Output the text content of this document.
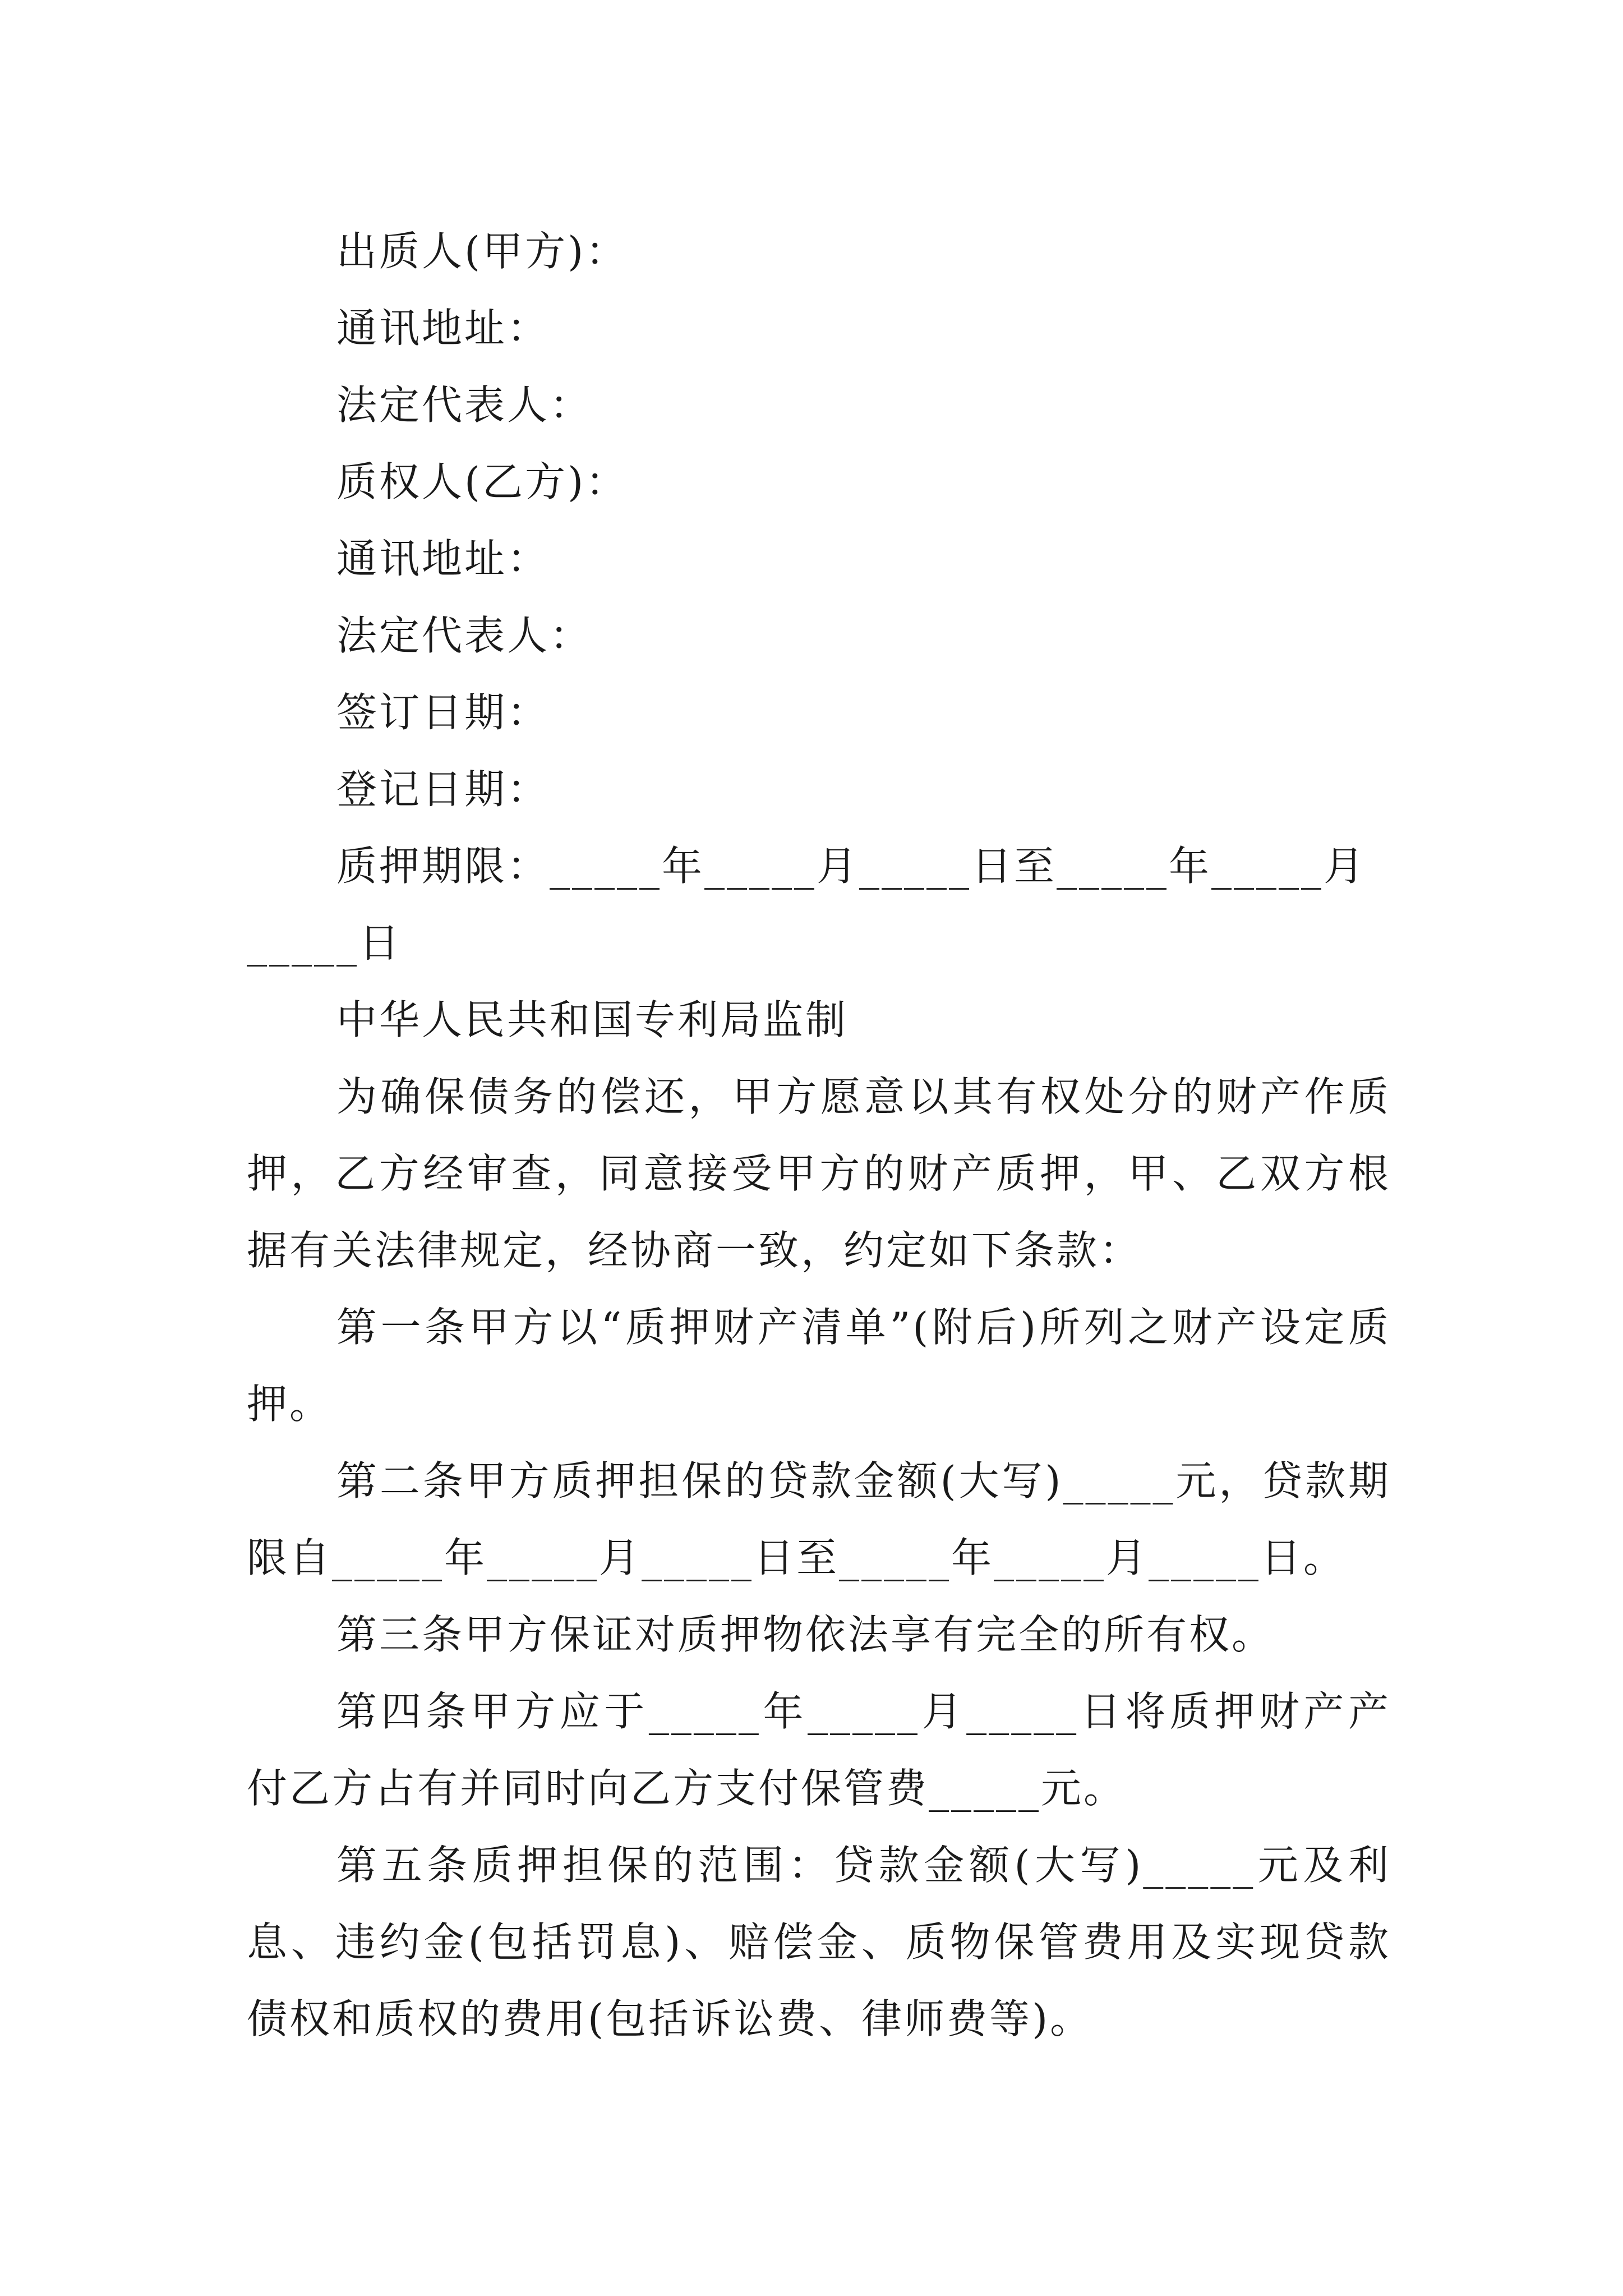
出质人(甲方)：

通讯地址：

法定代表人：

质权人(乙方)：

通讯地址：

法定代表人：

签订日期：

登记日期：

质押期限：_____年_____月_____日至_____年_____月

_____日

中华人民共和国专利局监制

为确保债务的偿还，甲方愿意以其有权处分的财产作质押，乙方经审查，同意接受甲方的财产质押，甲、乙双方根据有关法律规定，经协商一致，约定如下条款：

第一条甲方以“质押财产清单”(附后)所列之财产设定质押。

第二条甲方质押担保的贷款金额(大写)_____元，贷款期限自_____年_____月_____日至_____年_____月_____日。

第三条甲方保证对质押物依法享有完全的所有权。

第四条甲方应于_____年_____月_____日将质押财产产付乙方占有并同时向乙方支付保管费_____元。

第五条质押担保的范围：贷款金额(大写)_____元及利息、违约金(包括罚息)、赔偿金、质物保管费用及实现贷款债权和质权的费用(包括诉讼费、律师费等)。
